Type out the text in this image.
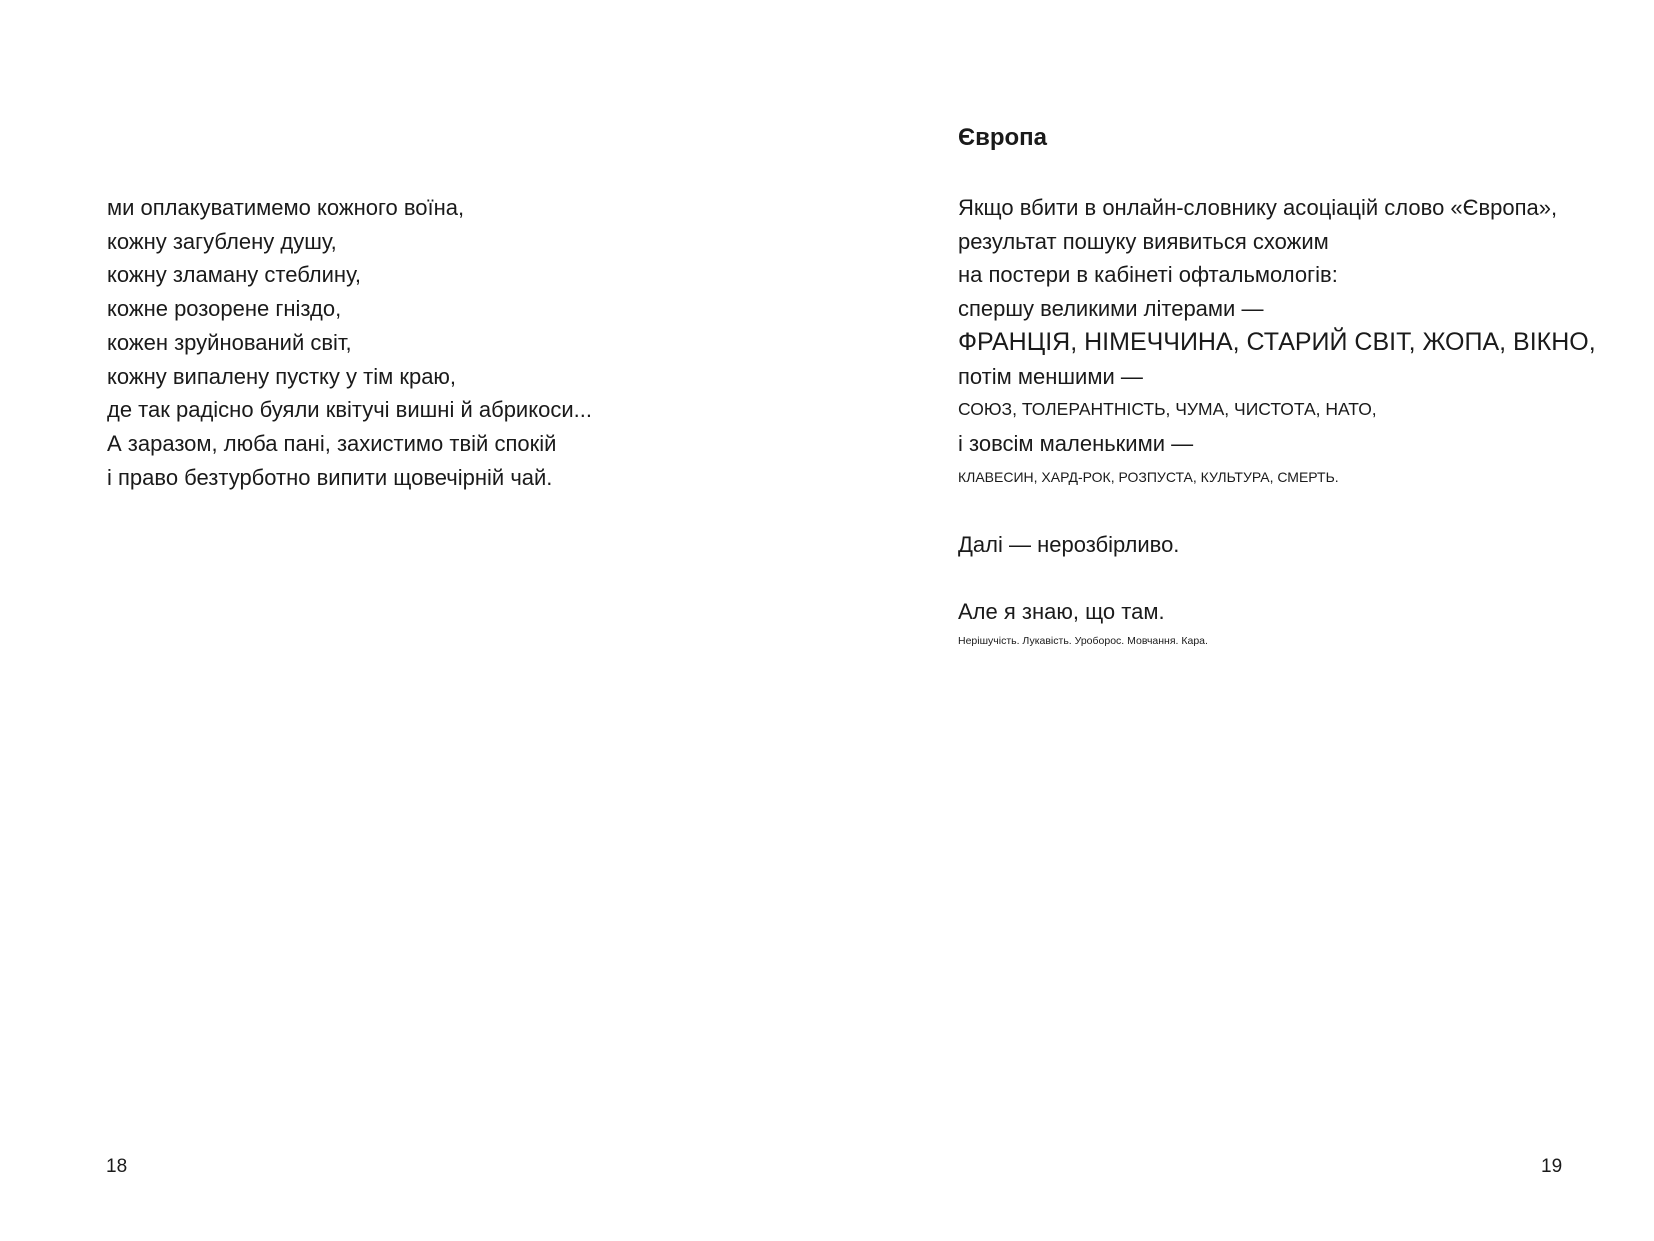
ми оплакуватимемо кожного воїна,
кожну загублену душу,
кожну зламану стеблину,
кожне розорене гніздо,
кожен зруйнований світ,
кожну випалену пустку у тім краю,
де так радісно буяли квітучі вишні й абрикоси...
А заразом, люба пані, захистимо твій спокій
і право безтурботно випити щовечірній чай.
18
Європа
Якщо вбити в онлайн-словнику асоціацій слово «Європа»,
результат пошуку виявиться схожим
на постери в кабінеті офтальмологів:
спершу великими літерами —
ФРАНЦІЯ, НІМЕЧЧИНА, СТАРИЙ СВІТ, ЖОПА, ВІКНО,
потім меншими —
СОЮЗ, ТОЛЕРАНТНІСТЬ, ЧУМА, ЧИСТОТА, НАТО,
і зовсім маленькими —
КЛАВЕСИН, ХАРД-РОК, РОЗПУСТА, КУЛЬТУРА, СМЕРТЬ.
Далі — нерозбірливо.
Але я знаю, що там.
Нерішучість. Лукавість. Уроборос. Мовчання. Кара.
19
